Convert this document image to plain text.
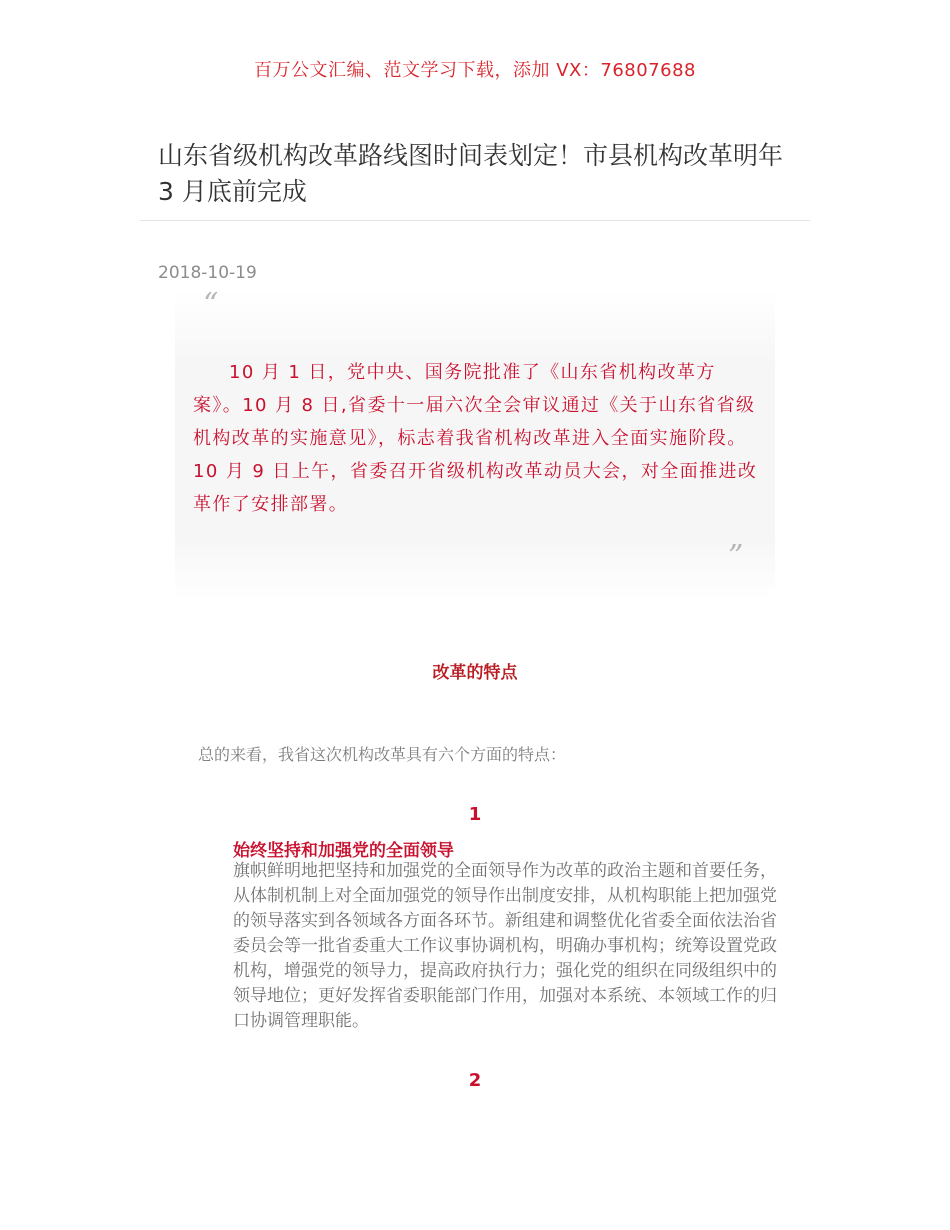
百万公文汇编、范文学习下载，添加 VX：76807688
山东省级机构改革路线图时间表划定！市县机构改革明年 3 月底前完成
2018-10-19
“

10 月 1 日，党中央、国务院批准了《山东省机构改革方案》。10 月 8 日,省委十一届六次全会审议通过《关于山东省省级机构改革的实施意见》，标志着我省机构改革进入全面实施阶段。10 月 9 日上午，省委召开省级机构改革动员大会，对全面推进改革作了安排部署。

”
改革的特点

总的来看，我省这次机构改革具有六个方面的特点：

1
始终坚持和加强党的全面领导

旗帜鲜明地把坚持和加强党的全面领导作为改革的政治主题和首要任务，从体制机制上对全面加强党的领导作出制度安排，从机构职能上把加强党的领导落实到各领域各方面各环节。新组建和调整优化省委全面依法治省委员会等一批省委重大工作议事协调机构，明确办事机构；统筹设置党政机构，增强党的领导力，提高政府执行力；强化党的组织在同级组织中的领导地位；更好发挥省委职能部门作用，加强对本系统、本领域工作的归口协调管理职能。

2
